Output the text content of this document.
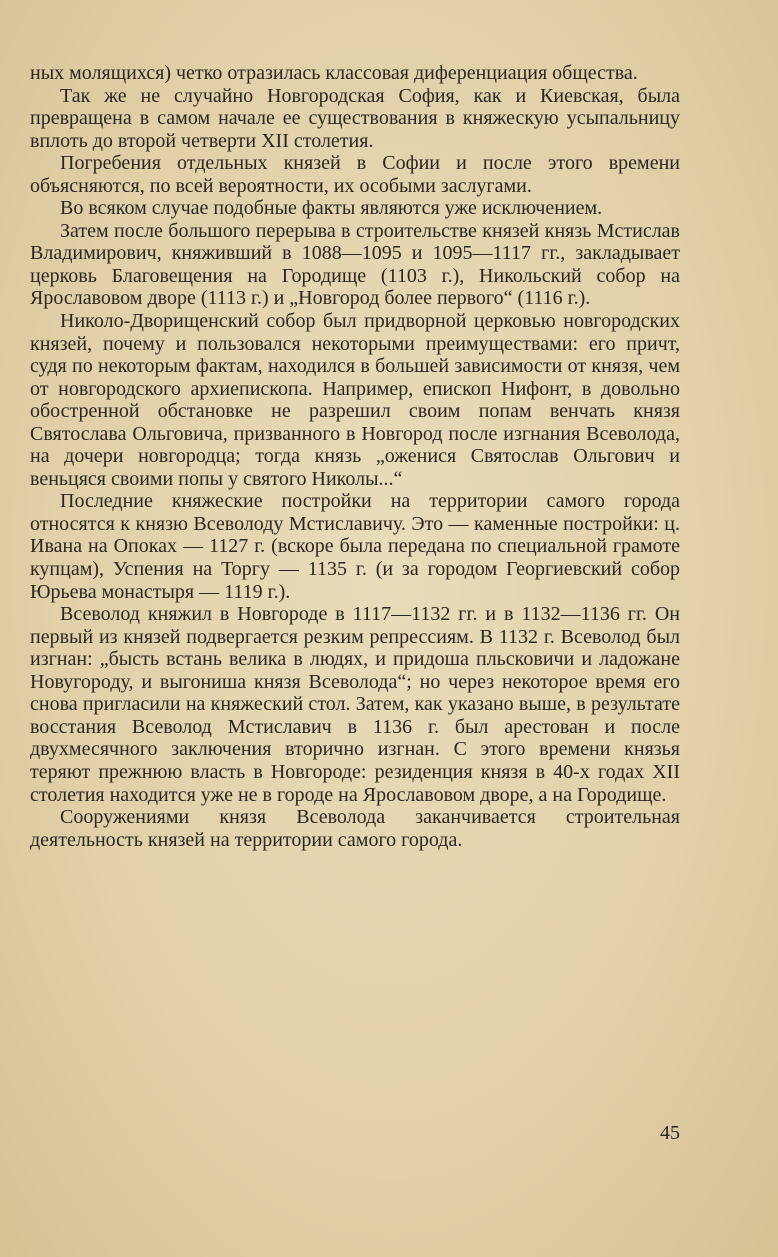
ных молящихся) четко отразилась классовая диференциация общества.

Так же не случайно Новгородская София, как и Киевская, была превращена в самом начале ее существования в княжескую усыпальницу вплоть до второй четверти XII столетия.

Погребения отдельных князей в Софии и после этого времени объясняются, по всей вероятности, их особыми заслугами.

Во всяком случае подобные факты являются уже исключением.

Затем после большого перерыва в строительстве князей князь Мстислав Владимирович, княживший в 1088—1095 и 1095—1117 гг., закладывает церковь Благовещения на Городище (1103 г.), Никольский собор на Ярославовом дворе (1113 г.) и „Новгород более первого“ (1116 г.).

Николо-Дворищенский собор был придворной церковью новгородских князей, почему и пользовался некоторыми преимуществами: его причт, судя по некоторым фактам, находился в большей зависимости от князя, чем от новгородского архиепископа. Например, епископ Нифонт, в довольно обостренной обстановке не разрешил своим попам венчать князя Святослава Ольговича, призванного в Новгород после изгнания Всеволода, на дочери новгородца; тогда князь „оженися Святослав Ольгович и веньцяся своими попы у святого Николы...“

Последние княжеские постройки на территории самого города относятся к князю Всеволоду Мстиславичу. Это — каменные постройки: ц. Ивана на Опоках — 1127 г. (вскоре была передана по специальной грамоте купцам), Успения на Торгу — 1135 г. (и за городом Георгиевский собор Юрьева монастыря — 1119 г.).

Всеволод княжил в Новгороде в 1117—1132 гг. и в 1132—1136 гг. Он первый из князей подвергается резким репрессиям. В 1132 г. Всеволод был изгнан: „бысть встань велика в людях, и придоша пльсковичи и ладожане Новугороду, и выгониша князя Всеволода“; но через некоторое время его снова пригласили на княжеский стол. Затем, как указано выше, в результате восстания Всеволод Мстиславич в 1136 г. был арестован и после двухмесячного заключения вторично изгнан. С этого времени князья теряют прежнюю власть в Новгороде: резиденция князя в 40-х годах XII столетия находится уже не в городе на Ярославовом дворе, а на Городище.

Сооружениями князя Всеволода заканчивается строительная деятельность князей на территории самого города.

45
